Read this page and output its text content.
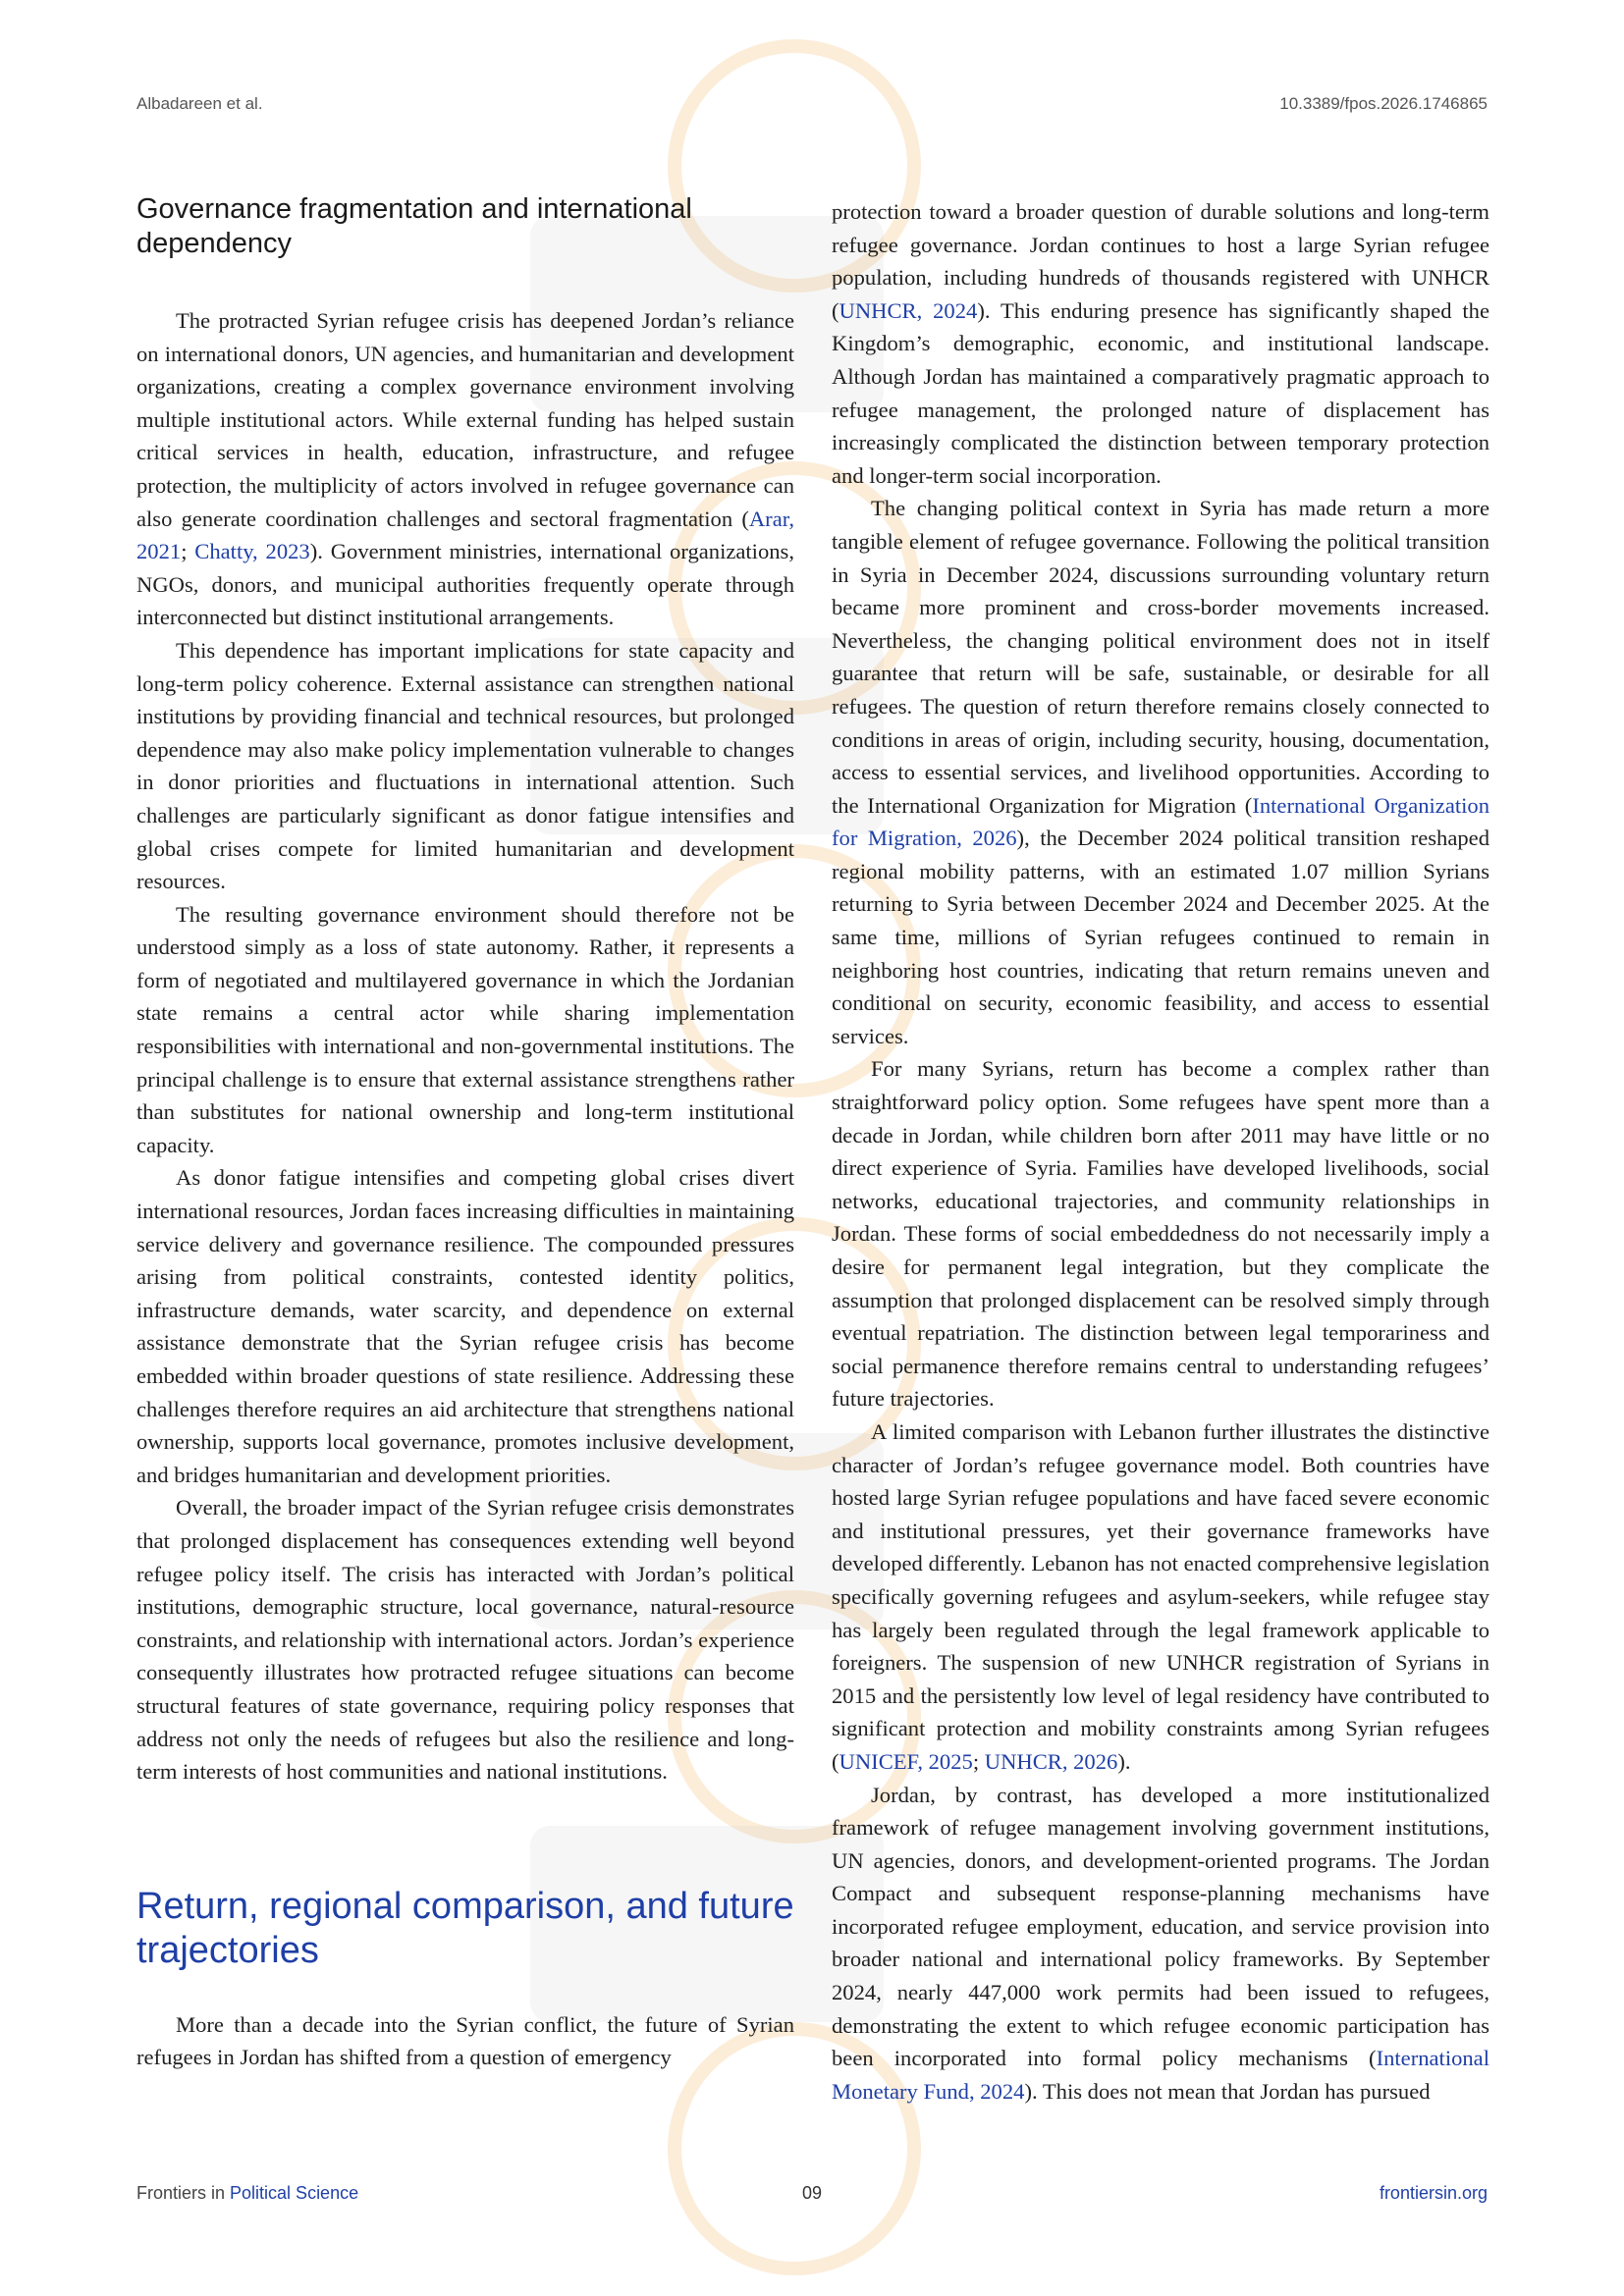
Albadareen et al.	10.3389/fpos.2026.1746865
Governance fragmentation and international dependency

The protracted Syrian refugee crisis has deepened Jordan’s reliance on international donors, UN agencies, and humanitarian and development organizations, creating a complex governance environment involving multiple institutional actors. While external funding has helped sustain critical services in health, education, infrastructure, and refugee protection, the multiplicity of actors involved in refugee governance can also generate coordination challenges and sectoral fragmentation (Arar, 2021; Chatty, 2023). Government ministries, international organizations, NGOs, donors, and municipal authorities frequently operate through interconnected but distinct institutional arrangements.

This dependence has important implications for state capacity and long-term policy coherence. External assistance can strengthen national institutions by providing financial and technical resources, but prolonged dependence may also make policy implementation vulnerable to changes in donor priorities and fluctuations in international attention. Such challenges are particularly significant as donor fatigue intensifies and global crises compete for limited humanitarian and development resources.

The resulting governance environment should therefore not be understood simply as a loss of state autonomy. Rather, it represents a form of negotiated and multilayered governance in which the Jordanian state remains a central actor while sharing implementation responsibilities with international and non-governmental institutions. The principal challenge is to ensure that external assistance strengthens rather than substitutes for national ownership and long-term institutional capacity.

As donor fatigue intensifies and competing global crises divert international resources, Jordan faces increasing difficulties in maintaining service delivery and governance resilience. The compounded pressures arising from political constraints, contested identity politics, infrastructure demands, water scarcity, and dependence on external assistance demonstrate that the Syrian refugee crisis has become embedded within broader questions of state resilience. Addressing these challenges therefore requires an aid architecture that strengthens national ownership, supports local governance, promotes inclusive development, and bridges humanitarian and development priorities.

Overall, the broader impact of the Syrian refugee crisis demonstrates that prolonged displacement has consequences extending well beyond refugee policy itself. The crisis has interacted with Jordan’s political institutions, demographic structure, local governance, natural-resource constraints, and relationship with international actors. Jordan’s experience consequently illustrates how protracted refugee situations can become structural features of state governance, requiring policy responses that address not only the needs of refugees but also the resilience and long-term interests of host communities and national institutions.

Return, regional comparison, and future trajectories

More than a decade into the Syrian conflict, the future of Syrian refugees in Jordan has shifted from a question of emergency

protection toward a broader question of durable solutions and long-term refugee governance. Jordan continues to host a large Syrian refugee population, including hundreds of thousands registered with UNHCR (UNHCR, 2024). This enduring presence has significantly shaped the Kingdom’s demographic, economic, and institutional landscape. Although Jordan has maintained a comparatively pragmatic approach to refugee management, the prolonged nature of displacement has increasingly complicated the distinction between temporary protection and longer-term social incorporation.

The changing political context in Syria has made return a more tangible element of refugee governance. Following the political transition in Syria in December 2024, discussions surrounding voluntary return became more prominent and cross-border movements increased. Nevertheless, the changing political environment does not in itself guarantee that return will be safe, sustainable, or desirable for all refugees. The question of return therefore remains closely connected to conditions in areas of origin, including security, housing, documentation, access to essential services, and livelihood opportunities. According to the International Organization for Migration (International Organization for Migration, 2026), the December 2024 political transition reshaped regional mobility patterns, with an estimated 1.07 million Syrians returning to Syria between December 2024 and December 2025. At the same time, millions of Syrian refugees continued to remain in neighboring host countries, indicating that return remains uneven and conditional on security, economic feasibility, and access to essential services.

For many Syrians, return has become a complex rather than straightforward policy option. Some refugees have spent more than a decade in Jordan, while children born after 2011 may have little or no direct experience of Syria. Families have developed livelihoods, social networks, educational trajectories, and community relationships in Jordan. These forms of social embeddedness do not necessarily imply a desire for permanent legal integration, but they complicate the assumption that prolonged displacement can be resolved simply through eventual repatriation. The distinction between legal temporariness and social permanence therefore remains central to understanding refugees’ future trajectories.

A limited comparison with Lebanon further illustrates the distinctive character of Jordan’s refugee governance model. Both countries have hosted large Syrian refugee populations and have faced severe economic and institutional pressures, yet their governance frameworks have developed differently. Lebanon has not enacted comprehensive legislation specifically governing refugees and asylum-seekers, while refugee stay has largely been regulated through the legal framework applicable to foreigners. The suspension of new UNHCR registration of Syrians in 2015 and the persistently low level of legal residency have contributed to significant protection and mobility constraints among Syrian refugees (UNICEF, 2025; UNHCR, 2026).

Jordan, by contrast, has developed a more institutionalized framework of refugee management involving government institutions, UN agencies, donors, and development-oriented programs. The Jordan Compact and subsequent response-planning mechanisms have incorporated refugee employment, education, and service provision into broader national and international policy frameworks. By September 2024, nearly 447,000 work permits had been issued to refugees, demonstrating the extent to which refugee economic participation has been incorporated into formal policy mechanisms (International Monetary Fund, 2024). This does not mean that Jordan has pursued

Frontiers in Political Science	09	frontiersin.org
